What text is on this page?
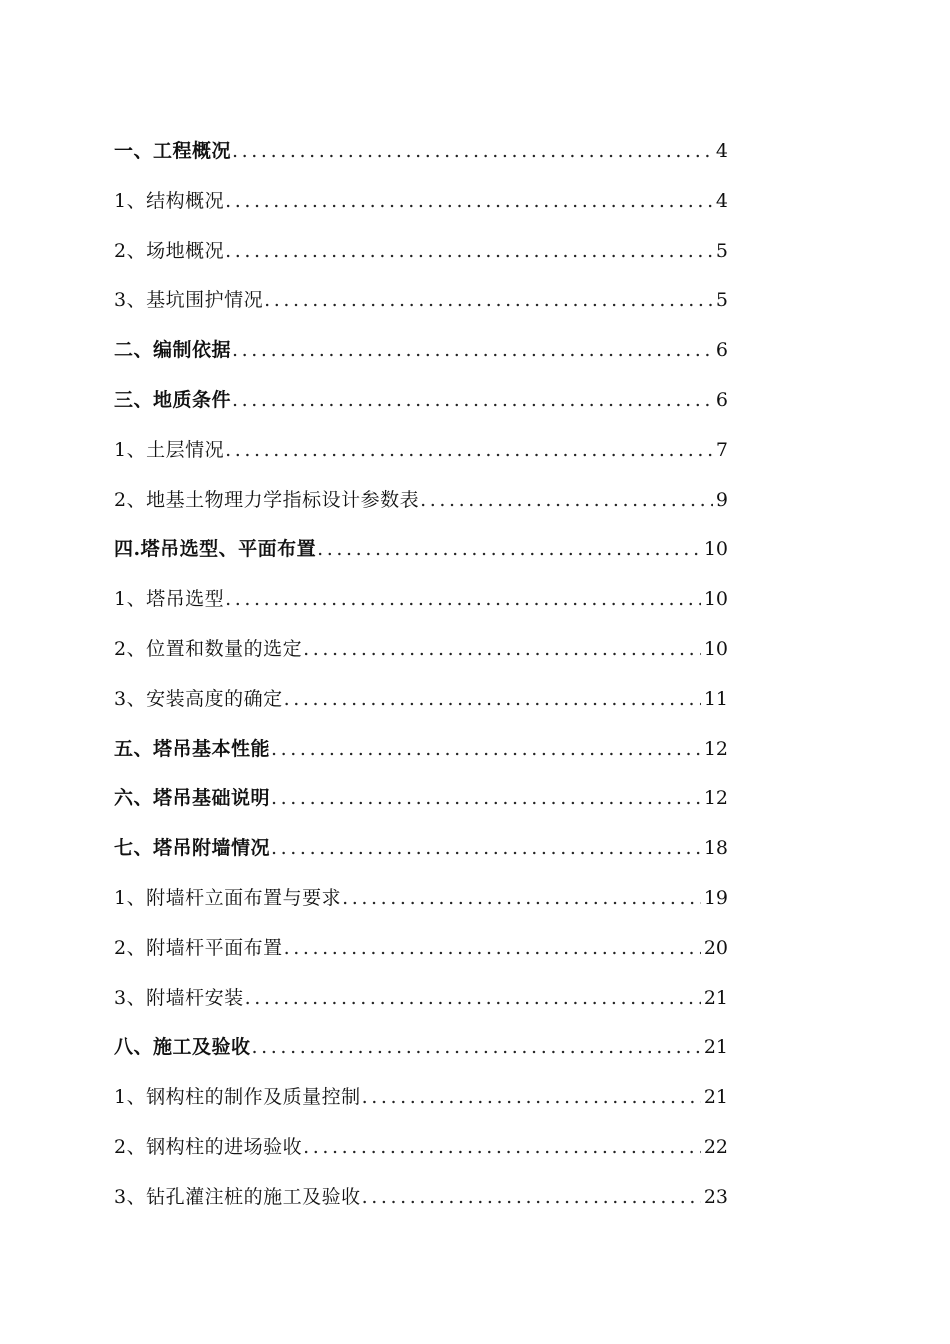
一、工程概况 .....	4
1、结构概况 .....	4
2、场地概况 .....	5
3、基坑围护情况 .....	5
二、编制依据 .....	6
三、地质条件 .....	6
1、土层情况 .....	7
2、地基土物理力学指标设计参数表 .....	9
四.塔吊选型、平面布置 .....	10
1、塔吊选型 .....	10
2、位置和数量的选定 .....	10
3、安装高度的确定 .....	11
五、塔吊基本性能 .....	12
六、塔吊基础说明 .....	12
七、塔吊附墙情况 .....	18
1、附墙杆立面布置与要求 .....	19
2、附墙杆平面布置 .....	20
3、附墙杆安装 .....	21
八、施工及验收 .....	21
1、钢构柱的制作及质量控制 .....	21
2、钢构柱的进场验收 .....	22
3、钻孔灌注桩的施工及验收 .....	23
